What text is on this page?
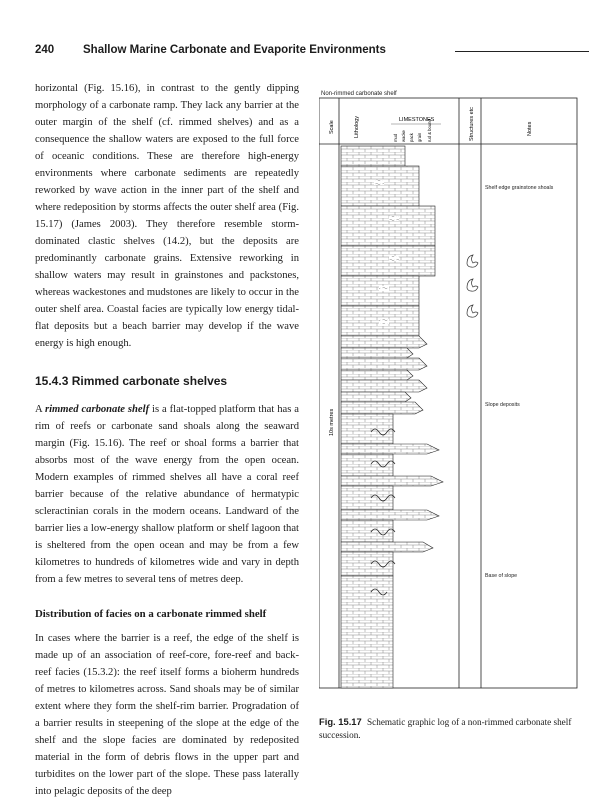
240	Shallow Marine Carbonate and Evaporite Environments

horizontal (Fig. 15.16), in contrast to the gently dipping morphology of a carbonate ramp. They lack any barrier at the outer margin of the shelf (cf. rimmed shelves) and as a consequence the shallow waters are exposed to the full force of oceanic conditions. These are therefore high-energy environments where carbonate sediments are repeatedly reworked by wave action in the inner part of the shelf and where redeposition by storms affects the outer shelf area (Fig. 15.17) (James 2003). They therefore resemble storm-dominated clastic shelves (14.2), but the deposits are predominantly carbonate grains. Extensive reworking in shallow waters may result in grainstones and packstones, whereas wackestones and mudstones are likely to occur in the outer shelf area. Coastal facies are typically low energy tidal-flat deposits but a beach barrier may develop if the wave energy is high enough.

15.4.3 Rimmed carbonate shelves

A rimmed carbonate shelf is a flat-topped platform that has a rim of reefs or carbonate sand shoals along the seaward margin (Fig. 15.16). The reef or shoal forms a barrier that absorbs most of the wave energy from the open ocean. Modern examples of rimmed shelves all have a coral reef barrier because of the relative abundance of hermatypic scleractinian corals in the modern oceans. Landward of the barrier lies a low-energy shallow platform or shelf lagoon that is sheltered from the open ocean and may be from a few kilometres to hundreds of kilometres wide and vary in depth from a few metres to several tens of metres deep.

Distribution of facies on a carbonate rimmed shelf

In cases where the barrier is a reef, the edge of the shelf is made up of an association of reef-core, fore-reef and back-reef facies (15.3.2): the reef itself forms a bioherm hundreds of metres to kilometres across. Sand shoals may be of similar extent where they form the shelf-rim barrier. Progradation of a barrier results in steepening of the slope at the edge of the shelf and the slope facies are dominated by redeposited material in the form of debris flows in the upper part and turbidites on the lower part of the slope. These pass laterally into pelagic deposits of the deep

Non-rimmed carbonate shelf
Scale	Lithology	LIMESTONES
mud wacke pack grain rud & bound	Structures etc	Notes
10s metres
Shelf edge grainstone shoals
Slope deposits
Base of slope
Fig. 15.17 Schematic graphic log of a non-rimmed carbonate shelf succession.
